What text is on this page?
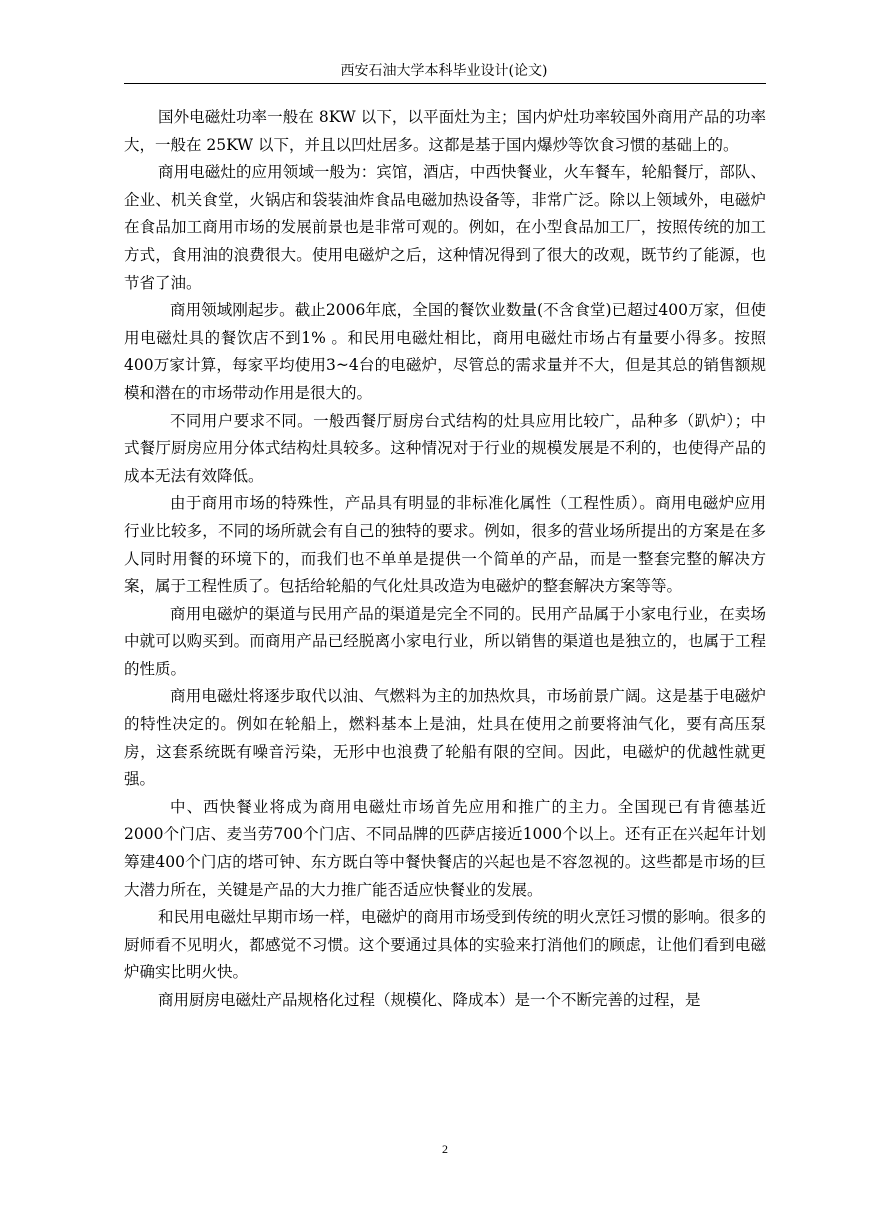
西安石油大学本科毕业设计(论文)

国外电磁灶功率一般在 8KW 以下，以平面灶为主；国内炉灶功率较国外商用产品的功率大，一般在 25KW 以下，并且以凹灶居多。这都是基于国内爆炒等饮食习惯的基础上的。

商用电磁灶的应用领域一般为：宾馆，酒店，中西快餐业，火车餐车，轮船餐厅，部队、企业、机关食堂，火锅店和袋装油炸食品电磁加热设备等，非常广泛。除以上领域外，电磁炉在食品加工商用市场的发展前景也是非常可观的。例如，在小型食品加工厂，按照传统的加工方式，食用油的浪费很大。使用电磁炉之后，这种情况得到了很大的改观，既节约了能源，也节省了油。

商用领域刚起步。截止2006年底，全国的餐饮业数量(不含食堂)已超过400万家，但使用电磁灶具的餐饮店不到1% 。和民用电磁灶相比，商用电磁灶市场占有量要小得多。按照400万家计算，每家平均使用3~4台的电磁炉，尽管总的需求量并不大，但是其总的销售额规模和潜在的市场带动作用是很大的。

不同用户要求不同。一般西餐厅厨房台式结构的灶具应用比较广，品种多（趴炉）；中式餐厅厨房应用分体式结构灶具较多。这种情况对于行业的规模发展是不利的，也使得产品的成本无法有效降低。

由于商用市场的特殊性，产品具有明显的非标准化属性（工程性质）。商用电磁炉应用行业比较多，不同的场所就会有自己的独特的要求。例如，很多的营业场所提出的方案是在多人同时用餐的环境下的，而我们也不单单是提供一个简单的产品，而是一整套完整的解决方案，属于工程性质了。包括给轮船的气化灶具改造为电磁炉的整套解决方案等等。

商用电磁炉的渠道与民用产品的渠道是完全不同的。民用产品属于小家电行业，在卖场中就可以购买到。而商用产品已经脱离小家电行业，所以销售的渠道也是独立的，也属于工程的性质。

商用电磁灶将逐步取代以油、气燃料为主的加热炊具，市场前景广阔。这是基于电磁炉的特性决定的。例如在轮船上，燃料基本上是油，灶具在使用之前要将油气化，要有高压泵房，这套系统既有噪音污染，无形中也浪费了轮船有限的空间。因此，电磁炉的优越性就更强。

中、西快餐业将成为商用电磁灶市场首先应用和推广的主力。全国现已有肯德基近2000个门店、麦当劳700个门店、不同品牌的匹萨店接近1000个以上。还有正在兴起年计划筹建400个门店的塔可钟、东方既白等中餐快餐店的兴起也是不容忽视的。这些都是市场的巨大潜力所在，关键是产品的大力推广能否适应快餐业的发展。

和民用电磁灶早期市场一样，电磁炉的商用市场受到传统的明火烹饪习惯的影响。很多的厨师看不见明火，都感觉不习惯。这个要通过具体的实验来打消他们的顾虑，让他们看到电磁炉确实比明火快。

商用厨房电磁灶产品规格化过程（规模化、降成本）是一个不断完善的过程，是

2
